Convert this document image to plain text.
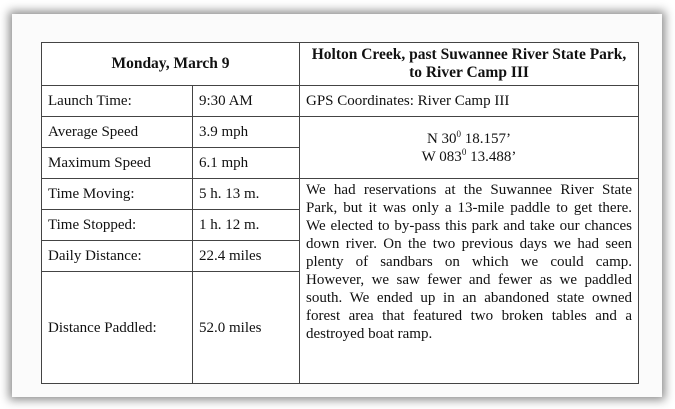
Monday, March 9		Holton Creek, past Suwannee River State Park, to River Camp III
Launch Time:	9:30 AM	GPS Coordinates: River Camp III
Average Speed	3.9 mph	N $30^0$ 18.157’
W $083^0$ 13.488’

Maximum Speed	6.1 mph	
Time Moving:	5 h. 13 m.	We had reservations at the Suwannee River State Park, but it was only a 13-mile paddle to get there. We elected to by-pass this park and take our chances down river. On the two previous days we had seen plenty of sandbars on which we could camp. However, we saw fewer and fewer as we paddled south. We ended up in an abandoned state owned forest area that featured two broken tables and a destroyed boat ramp.
Time Stopped:	1 h. 12 m.	
Daily Distance:	22.4 miles	
Distance Paddled:	52.0 miles	
